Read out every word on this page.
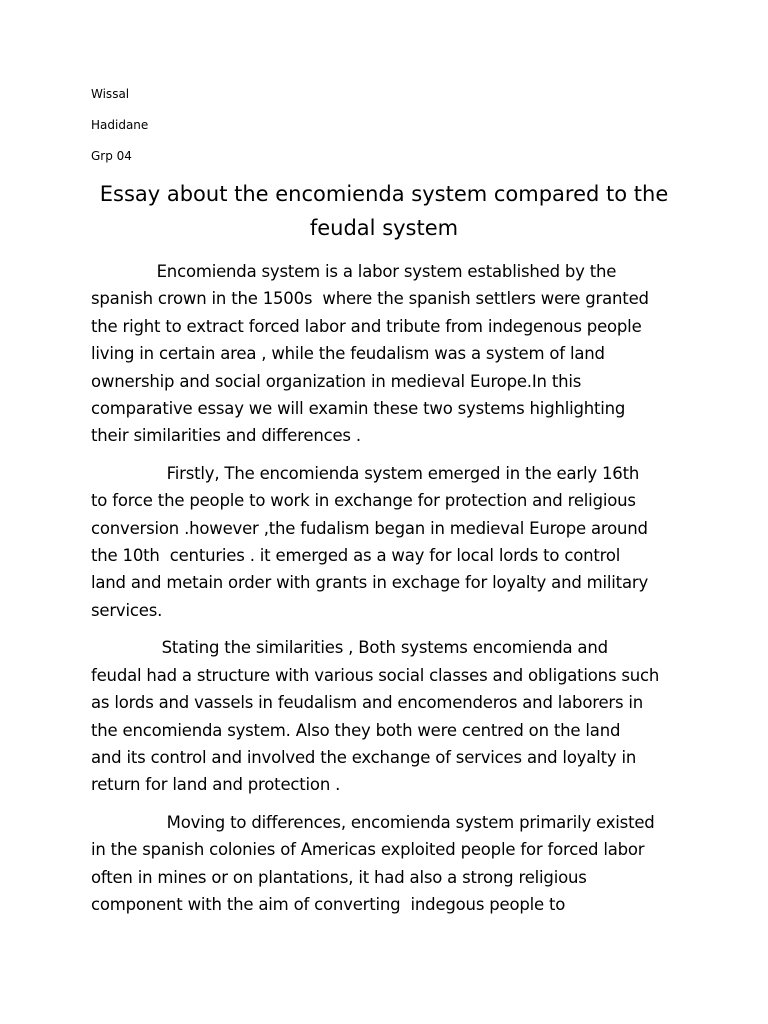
Wissal
Hadidane
Grp 04
Essay about the encomienda system compared to the
feudal system

Encomienda system is a labor system established by the
spanish crown in the 1500s  where the spanish settlers were granted
the right to extract forced labor and tribute from indegenous people
living in certain area , while the feudalism was a system of land
ownership and social organization in medieval Europe.In this
comparative essay we will examin these two systems highlighting
their similarities and differences .

Firstly, The encomienda system emerged in the early 16th
to force the people to work in exchange for protection and religious
conversion .however ,the fudalism began in medieval Europe around
the 10th  centuries . it emerged as a way for local lords to control
land and metain order with grants in exchage for loyalty and military
services.

Stating the similarities , Both systems encomienda and
feudal had a structure with various social classes and obligations such
as lords and vassels in feudalism and encomenderos and laborers in
the encomienda system. Also they both were centred on the land
and its control and involved the exchange of services and loyalty in
return for land and protection .

Moving to differences, encomienda system primarily existed
in the spanish colonies of Americas exploited people for forced labor
often in mines or on plantations, it had also a strong religious
component with the aim of converting  indegous people to
